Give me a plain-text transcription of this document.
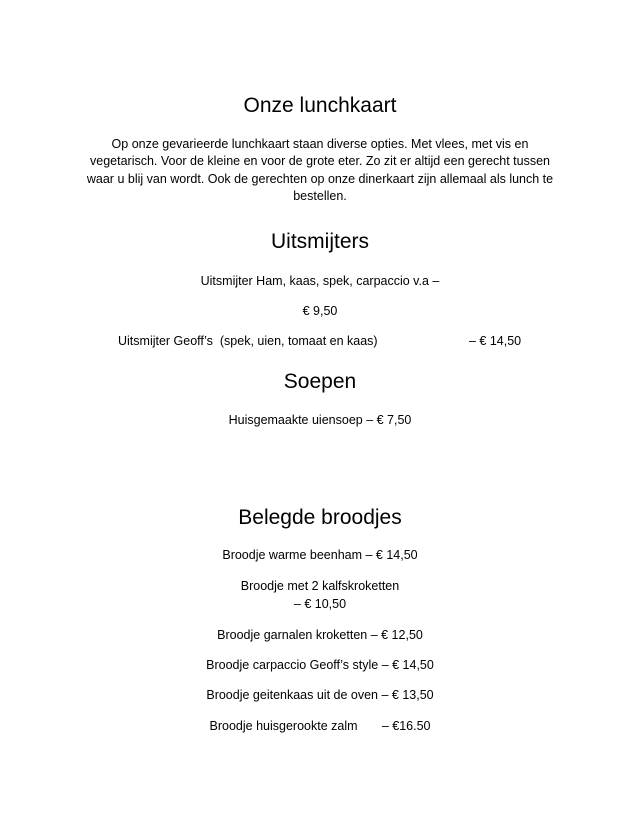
Onze lunchkaart

Op onze gevarieerde lunchkaart staan diverse opties. Met vlees, met vis en vegetarisch. Voor de kleine en voor de grote eter. Zo zit er altijd een gerecht tussen waar u blij van wordt. Ook de gerechten op onze dinerkaart zijn allemaal als lunch te bestellen.

Uitsmijters
Uitsmijter Ham, kaas, spek, carpaccio v.a –
€ 9,50
Uitsmijter Geoff’s  (spek, uien, tomaat en kaas)	– € 14,50
Soepen
Huisgemaakte uiensoep – € 7,50
Belegde broodjes
Broodje warme beenham – € 14,50
Broodje met 2 kalfskroketten
– € 10,50
Broodje garnalen kroketten – € 12,50
Broodje carpaccio Geoff’s style – € 14,50
Broodje geitenkaas uit de oven – € 13,50
Broodje huisgerookte zalm       – €16.50
